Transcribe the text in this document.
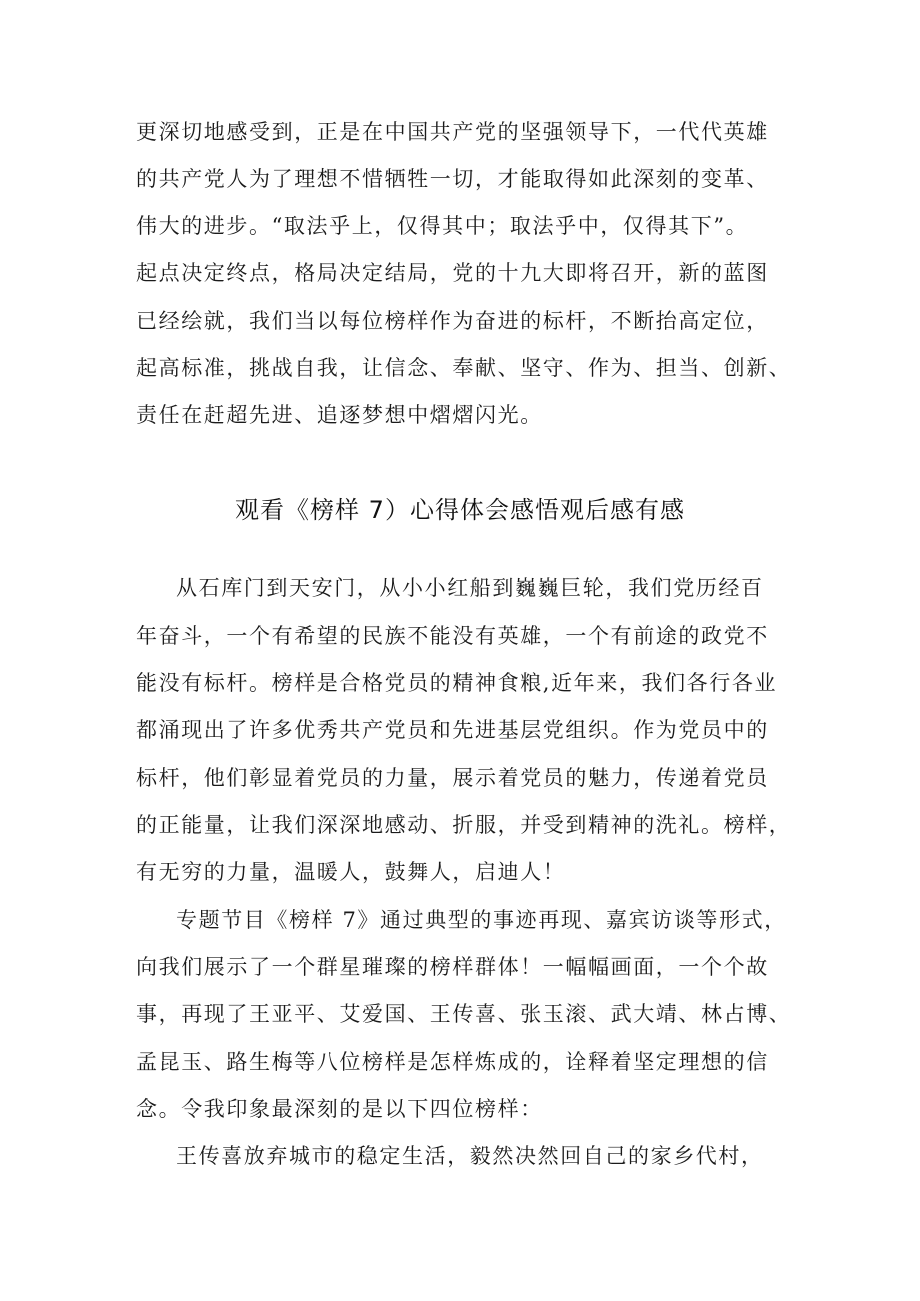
更深切地感受到，正是在中国共产党的坚强领导下，一代代英雄
的共产党人为了理想不惜牺牲一切，才能取得如此深刻的变革、
伟大的进步。“取法乎上，仅得其中；取法乎中，仅得其下”。
起点决定终点，格局决定结局，党的十九大即将召开，新的蓝图
已经绘就，我们当以每位榜样作为奋进的标杆，不断抬高定位，
起高标准，挑战自我，让信念、奉献、坚守、作为、担当、创新、
责任在赶超先进、追逐梦想中熠熠闪光。
观看《榜样 7）心得体会感悟观后感有感
从石库门到天安门，从小小红船到巍巍巨轮，我们党历经百
年奋斗，一个有希望的民族不能没有英雄，一个有前途的政党不
能没有标杆。榜样是合格党员的精神食粮,近年来，我们各行各业
都涌现出了许多优秀共产党员和先进基层党组织。作为党员中的
标杆，他们彰显着党员的力量，展示着党员的魅力，传递着党员
的正能量，让我们深深地感动、折服，并受到精神的洗礼。榜样，
有无穷的力量，温暖人，鼓舞人，启迪人！
专题节目《榜样 7》通过典型的事迹再现、嘉宾访谈等形式，
向我们展示了一个群星璀璨的榜样群体！一幅幅画面，一个个故
事，再现了王亚平、艾爱国、王传喜、张玉滚、武大靖、林占博、
孟昆玉、路生梅等八位榜样是怎样炼成的，诠释着坚定理想的信
念。令我印象最深刻的是以下四位榜样：
王传喜放弃城市的稳定生活，毅然决然回自己的家乡代村，
